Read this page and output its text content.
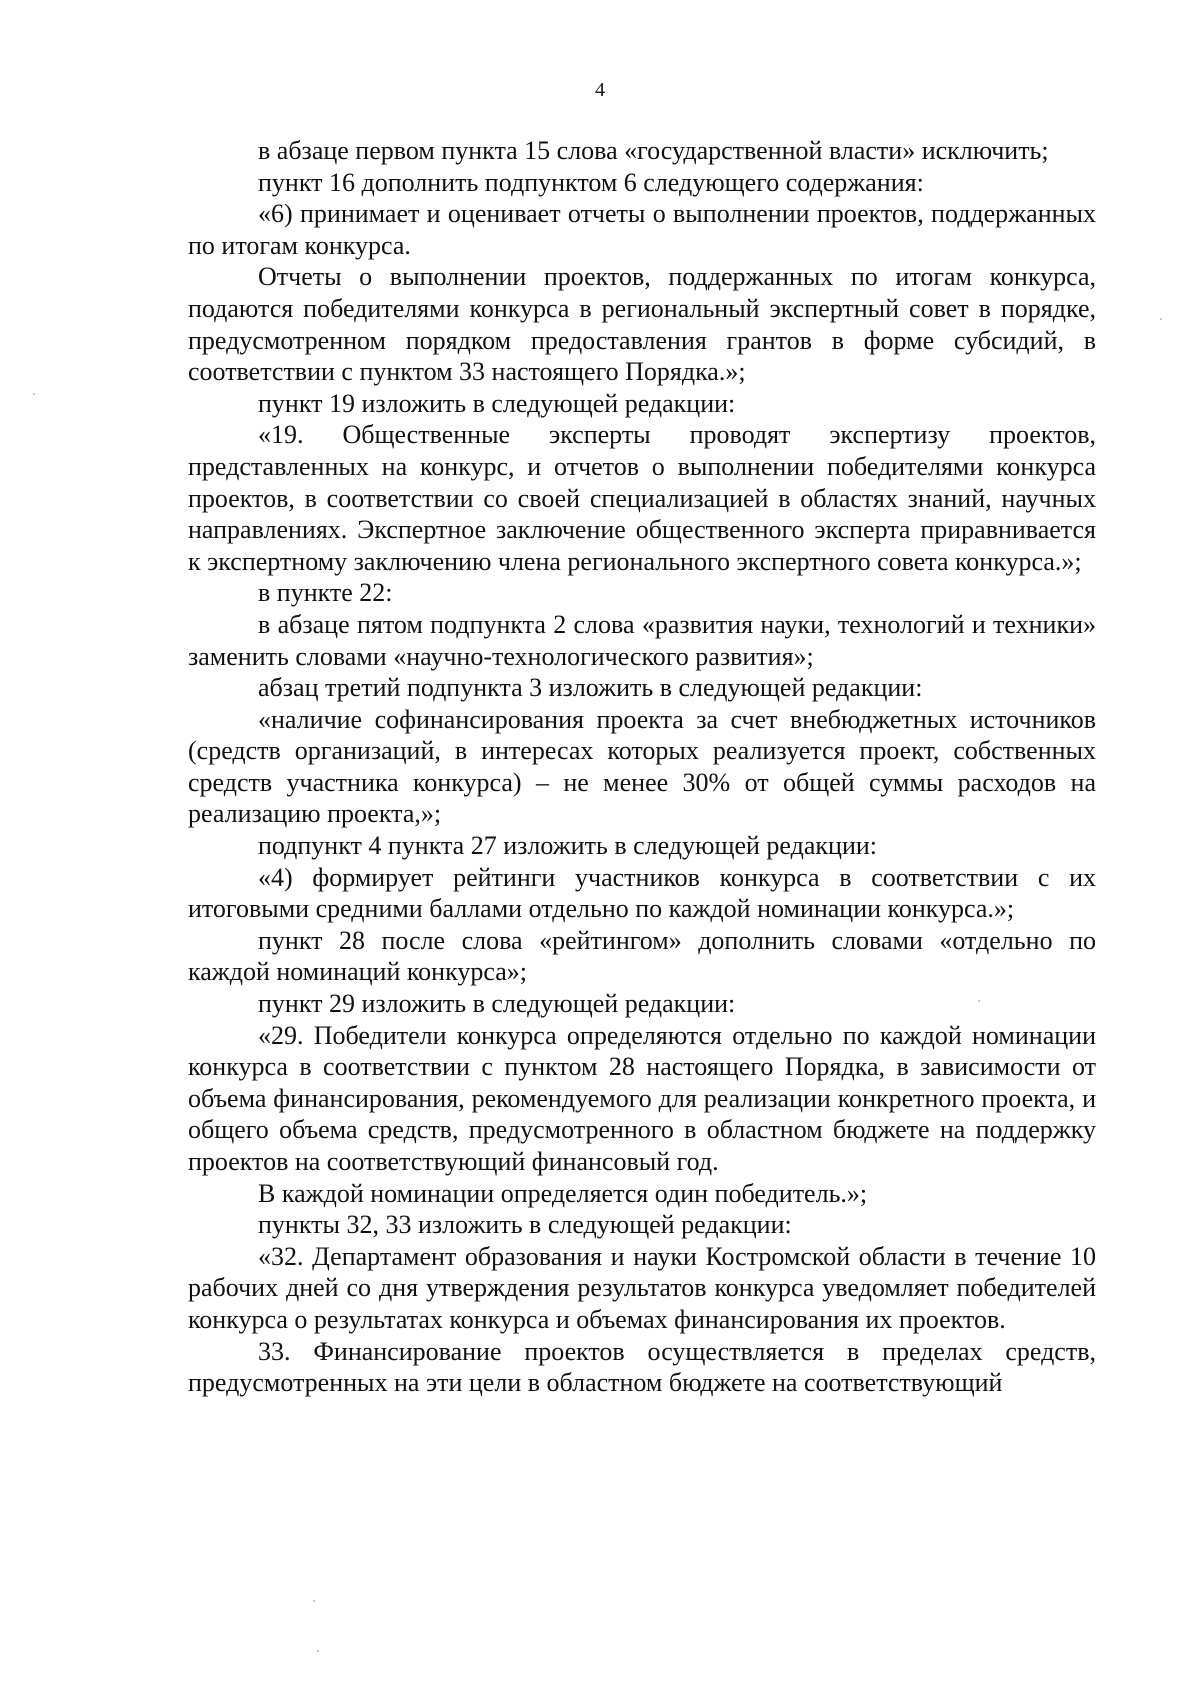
4

в абзаце первом пункта 15 слова «государственной власти» исключить;

пункт 16 дополнить подпунктом 6 следующего содержания:

«6) принимает и оценивает отчеты о выполнении проектов, поддержанных по итогам конкурса.

Отчеты о выполнении проектов, поддержанных по итогам конкурса, подаются победителями конкурса в региональный экспертный совет в порядке, предусмотренном порядком предоставления грантов в форме субсидий, в соответствии с пунктом 33 настоящего Порядка.»;

пункт 19 изложить в следующей редакции:

«19. Общественные эксперты проводят экспертизу проектов, представленных на конкурс, и отчетов о выполнении победителями конкурса проектов, в соответствии со своей специализацией в областях знаний, научных направлениях. Экспертное заключение общественного эксперта приравнивается к экспертному заключению члена регионального экспертного совета конкурса.»;

в пункте 22:

в абзаце пятом подпункта 2 слова «развития науки, технологий и техники» заменить словами «научно-технологического развития»;

абзац третий подпункта 3 изложить в следующей редакции:

«наличие софинансирования проекта за счет внебюджетных источников (средств организаций, в интересах которых реализуется проект, собственных средств участника конкурса) – не менее 30% от общей суммы расходов на реализацию проекта,»;

подпункт 4 пункта 27 изложить в следующей редакции:

«4) формирует рейтинги участников конкурса в соответствии с их итоговыми средними баллами отдельно по каждой номинации конкурса.»;

пункт 28 после слова «рейтингом» дополнить словами «отдельно по каждой номинаций конкурса»;

пункт 29 изложить в следующей редакции:

«29. Победители конкурса определяются отдельно по каждой номинации конкурса в соответствии с пунктом 28 настоящего Порядка, в зависимости от объема финансирования, рекомендуемого для реализации конкретного проекта, и общего объема средств, предусмотренного в областном бюджете на поддержку проектов на соответствующий финансовый год.

В каждой номинации определяется один победитель.»;

пункты 32, 33 изложить в следующей редакции:

«32. Департамент образования и науки Костромской области в течение 10 рабочих дней со дня утверждения результатов конкурса уведомляет победителей конкурса о результатах конкурса и объемах финансирования их проектов.

33. Финансирование проектов осуществляется в пределах средств, предусмотренных на эти цели в областном бюджете на соответствующий
